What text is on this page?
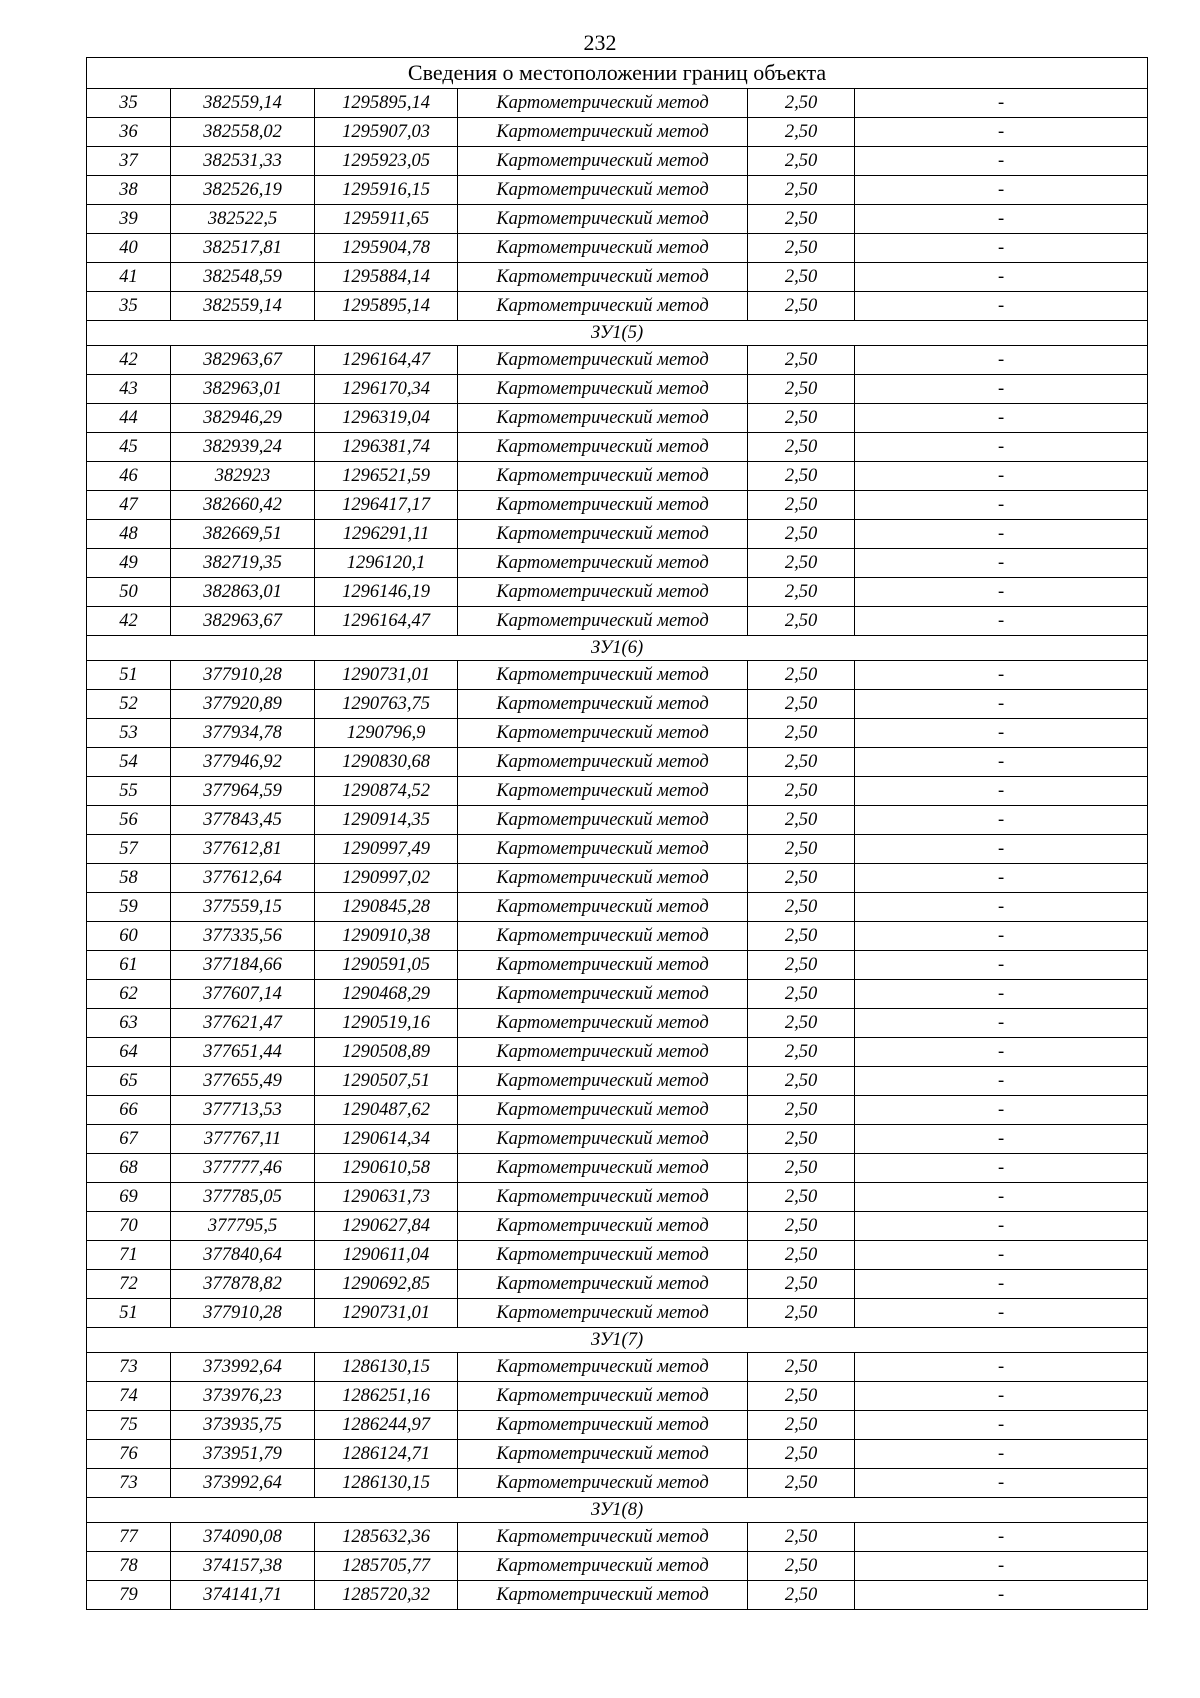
232
Сведения о местоположении границ объекта					
35	382559,14	1295895,14	Картометрический метод	2,50	-
36	382558,02	1295907,03	Картометрический метод	2,50	-
37	382531,33	1295923,05	Картометрический метод	2,50	-
38	382526,19	1295916,15	Картометрический метод	2,50	-
39	382522,5	1295911,65	Картометрический метод	2,50	-
40	382517,81	1295904,78	Картометрический метод	2,50	-
41	382548,59	1295884,14	Картометрический метод	2,50	-
35	382559,14	1295895,14	Картометрический метод	2,50	-
ЗУ1(5)					
42	382963,67	1296164,47	Картометрический метод	2,50	-
43	382963,01	1296170,34	Картометрический метод	2,50	-
44	382946,29	1296319,04	Картометрический метод	2,50	-
45	382939,24	1296381,74	Картометрический метод	2,50	-
46	382923	1296521,59	Картометрический метод	2,50	-
47	382660,42	1296417,17	Картометрический метод	2,50	-
48	382669,51	1296291,11	Картометрический метод	2,50	-
49	382719,35	1296120,1	Картометрический метод	2,50	-
50	382863,01	1296146,19	Картометрический метод	2,50	-
42	382963,67	1296164,47	Картометрический метод	2,50	-
ЗУ1(6)					
51	377910,28	1290731,01	Картометрический метод	2,50	-
52	377920,89	1290763,75	Картометрический метод	2,50	-
53	377934,78	1290796,9	Картометрический метод	2,50	-
54	377946,92	1290830,68	Картометрический метод	2,50	-
55	377964,59	1290874,52	Картометрический метод	2,50	-
56	377843,45	1290914,35	Картометрический метод	2,50	-
57	377612,81	1290997,49	Картометрический метод	2,50	-
58	377612,64	1290997,02	Картометрический метод	2,50	-
59	377559,15	1290845,28	Картометрический метод	2,50	-
60	377335,56	1290910,38	Картометрический метод	2,50	-
61	377184,66	1290591,05	Картометрический метод	2,50	-
62	377607,14	1290468,29	Картометрический метод	2,50	-
63	377621,47	1290519,16	Картометрический метод	2,50	-
64	377651,44	1290508,89	Картометрический метод	2,50	-
65	377655,49	1290507,51	Картометрический метод	2,50	-
66	377713,53	1290487,62	Картометрический метод	2,50	-
67	377767,11	1290614,34	Картометрический метод	2,50	-
68	377777,46	1290610,58	Картометрический метод	2,50	-
69	377785,05	1290631,73	Картометрический метод	2,50	-
70	377795,5	1290627,84	Картометрический метод	2,50	-
71	377840,64	1290611,04	Картометрический метод	2,50	-
72	377878,82	1290692,85	Картометрический метод	2,50	-
51	377910,28	1290731,01	Картометрический метод	2,50	-
ЗУ1(7)					
73	373992,64	1286130,15	Картометрический метод	2,50	-
74	373976,23	1286251,16	Картометрический метод	2,50	-
75	373935,75	1286244,97	Картометрический метод	2,50	-
76	373951,79	1286124,71	Картометрический метод	2,50	-
73	373992,64	1286130,15	Картометрический метод	2,50	-
ЗУ1(8)					
77	374090,08	1285632,36	Картометрический метод	2,50	-
78	374157,38	1285705,77	Картометрический метод	2,50	-
79	374141,71	1285720,32	Картометрический метод	2,50	-
